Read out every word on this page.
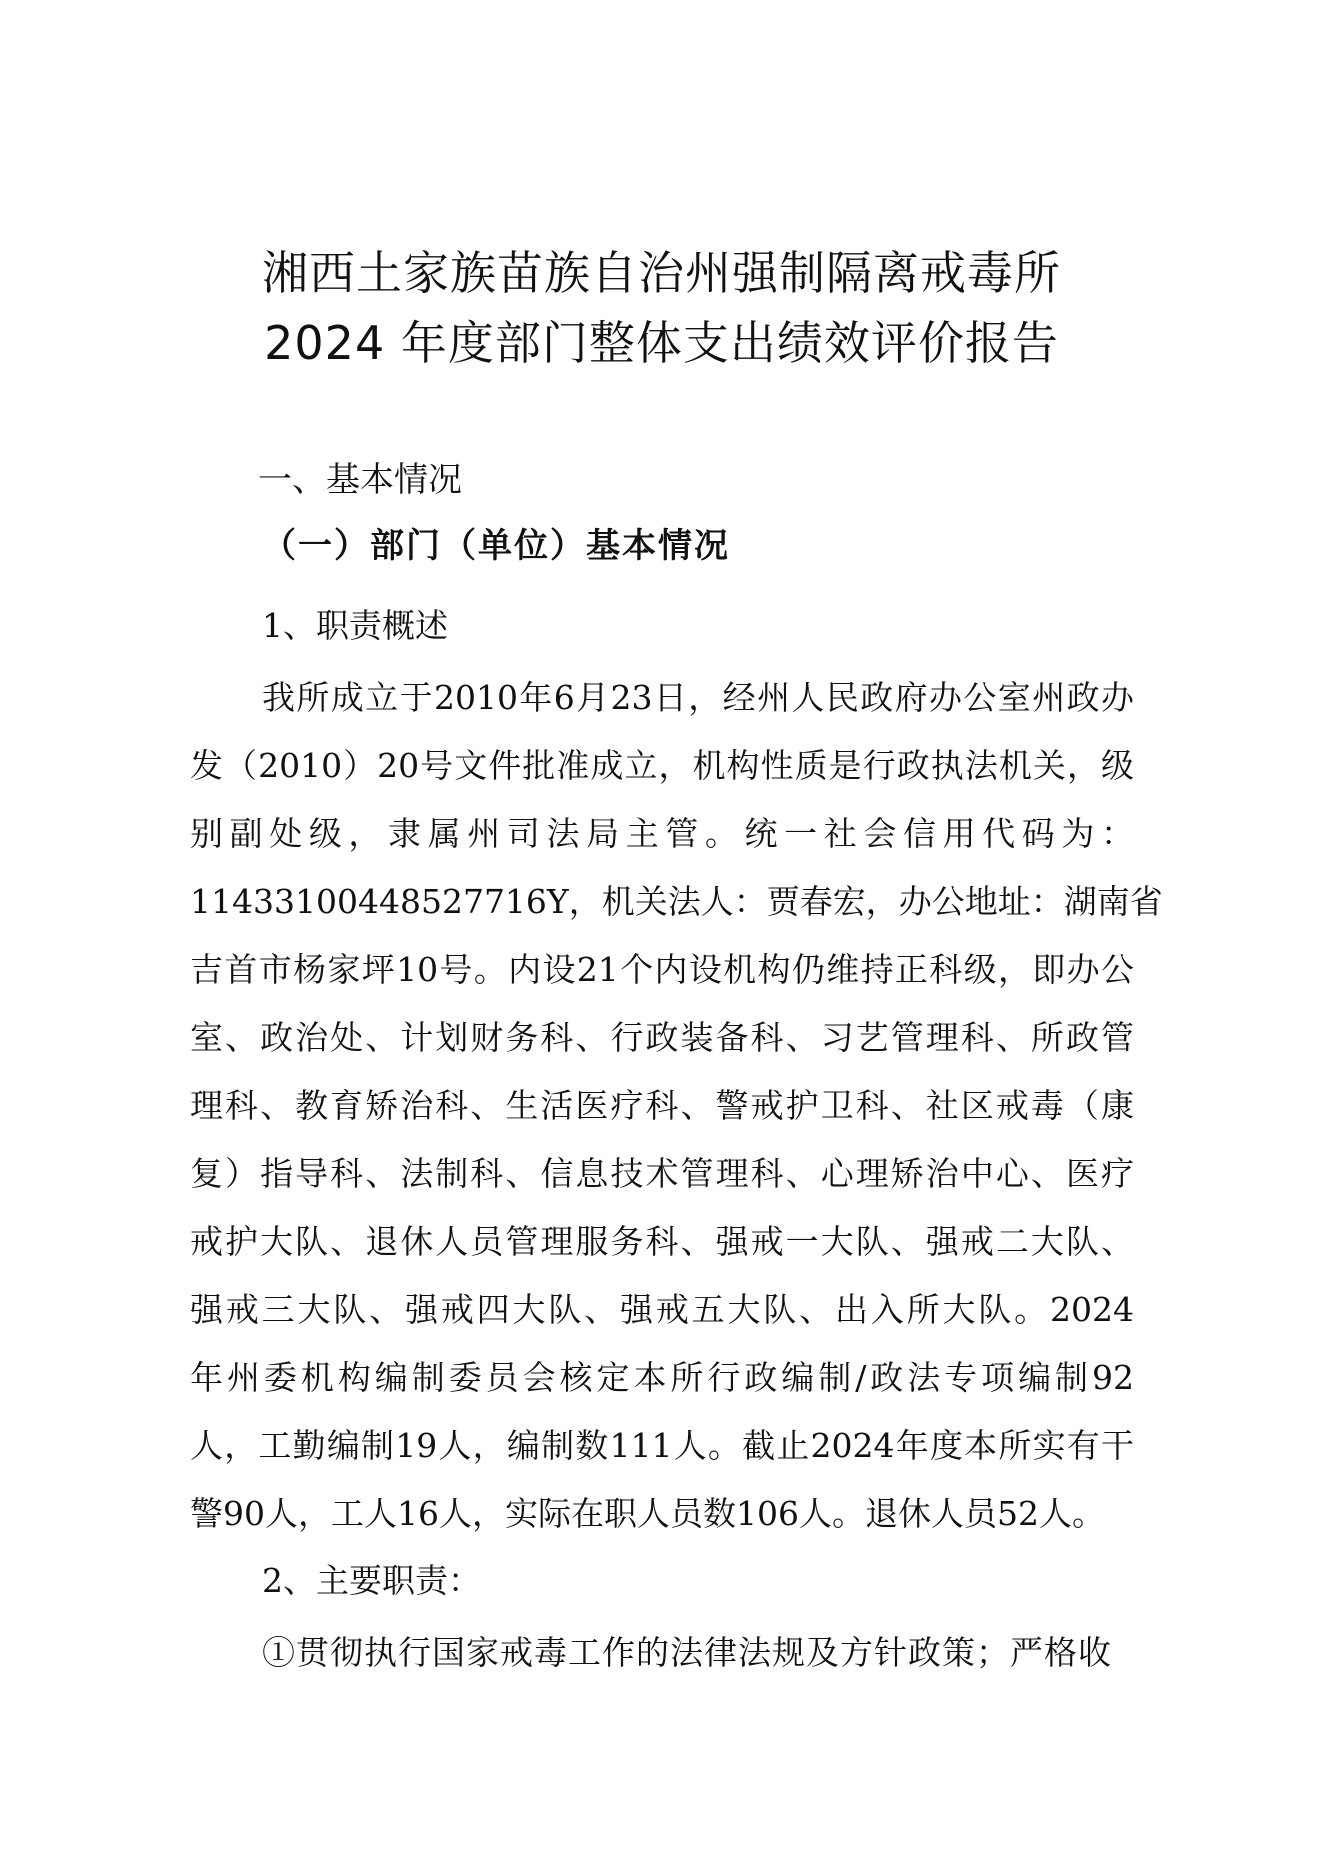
湘西土家族苗族自治州强制隔离戒毒所
2024 年度部门整体支出绩效评价报告
一、基本情况
（一）部门（单位）基本情况
1、职责概述
我所成立于2010年6月23日，经州人民政府办公室州政办
发（2010）20号文件批准成立，机构性质是行政执法机关，级
别副处级，隶属州司法局主管。统一社会信用代码为：
11433100448527716Y，机关法人：贾春宏，办公地址：湖南省
吉首市杨家坪10号。内设21个内设机构仍维持正科级，即办公
室、政治处、计划财务科、行政装备科、习艺管理科、所政管
理科、教育矫治科、生活医疗科、警戒护卫科、社区戒毒（康
复）指导科、法制科、信息技术管理科、心理矫治中心、医疗
戒护大队、退休人员管理服务科、强戒一大队、强戒二大队、
强戒三大队、强戒四大队、强戒五大队、出入所大队。2024
年州委机构编制委员会核定本所行政编制/政法专项编制92
人，工勤编制19人，编制数111人。截止2024年度本所实有干
警90人，工人16人，实际在职人员数106人。退休人员52人。
2、主要职责：
①贯彻执行国家戒毒工作的法律法规及方针政策；严格收
